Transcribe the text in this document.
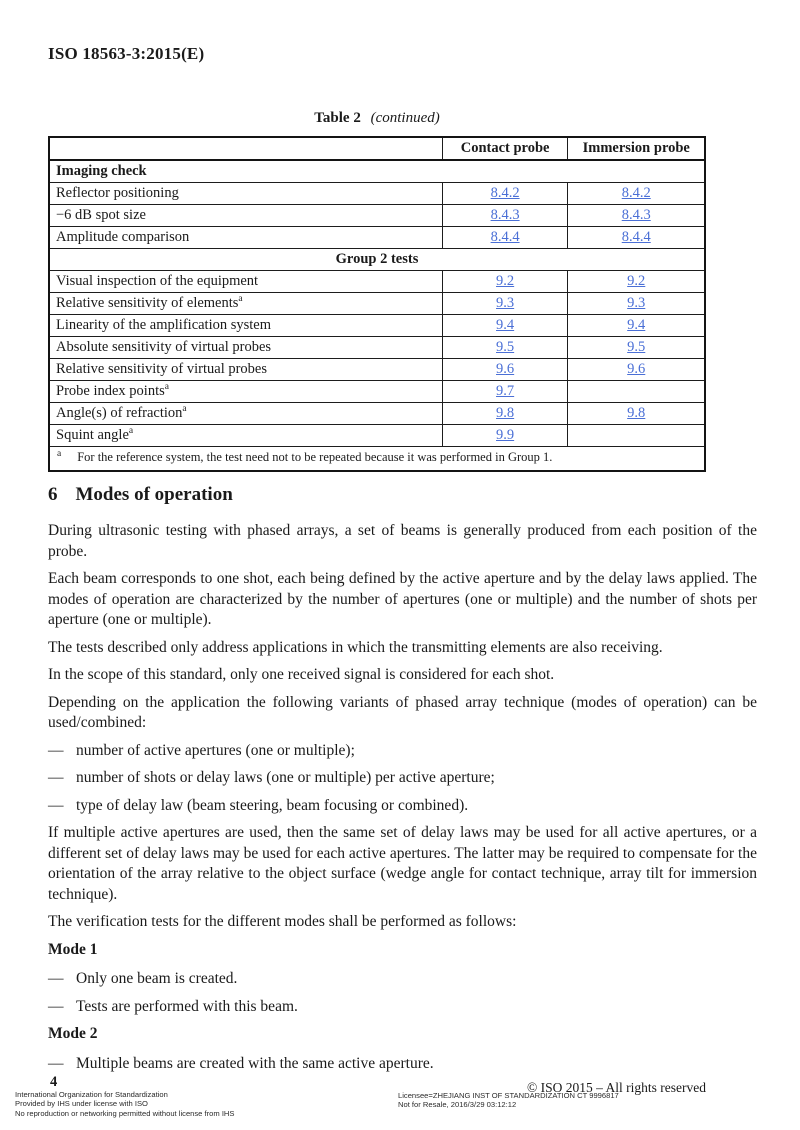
ISO 18563-3:2015(E)
Table 2 (continued)
	Contact probe	Immersion probe
Imaging check		
Reflector positioning	8.4.2	8.4.2
−6 dB spot size	8.4.3	8.4.3
Amplitude comparison	8.4.4	8.4.4
Group 2 tests		
Visual inspection of the equipment	9.2	9.2
Relative sensitivity of elements$^a$	9.3	9.3
Linearity of the amplification system	9.4	9.4
Absolute sensitivity of virtual probes	9.5	9.5
Relative sensitivity of virtual probes	9.6	9.6
Probe index points$^a$	9.7	
Angle(s) of refraction$^a$	9.8	9.8
Squint angle$^a$	9.9	
$^a$ For the reference system, the test need not to be repeated because it was performed in Group 1.		
6 Modes of operation

During ultrasonic testing with phased arrays, a set of beams is generally produced from each position of the probe.

Each beam corresponds to one shot, each being defined by the active aperture and by the delay laws applied. The modes of operation are characterized by the number of apertures (one or multiple) and the number of shots per aperture (one or multiple).

The tests described only address applications in which the transmitting elements are also receiving.

In the scope of this standard, only one received signal is considered for each shot.

Depending on the application the following variants of phased array technique (modes of operation) can be used/combined:

— number of active apertures (one or multiple);
— number of shots or delay laws (one or multiple) per active aperture;
— type of delay law (beam steering, beam focusing or combined).

If multiple active apertures are used, then the same set of delay laws may be used for all active apertures, or a different set of delay laws may be used for each active apertures. The latter may be required to compensate for the orientation of the array relative to the object surface (wedge angle for contact technique, array tilt for immersion technique).

The verification tests for the different modes shall be performed as follows:

Mode 1
— Only one beam is created.
— Tests are performed with this beam.
Mode 2
— Multiple beams are created with the same active aperture.
4
International Organization for Standardization
Provided by IHS under license with ISO
No reproduction or networking permitted without license from IHS
Licensee=ZHEJIANG INST OF STANDARDIZATION CT 9996817
Not for Resale, 2016/3/29 03:12:12
© ISO 2015 – All rights reserved
